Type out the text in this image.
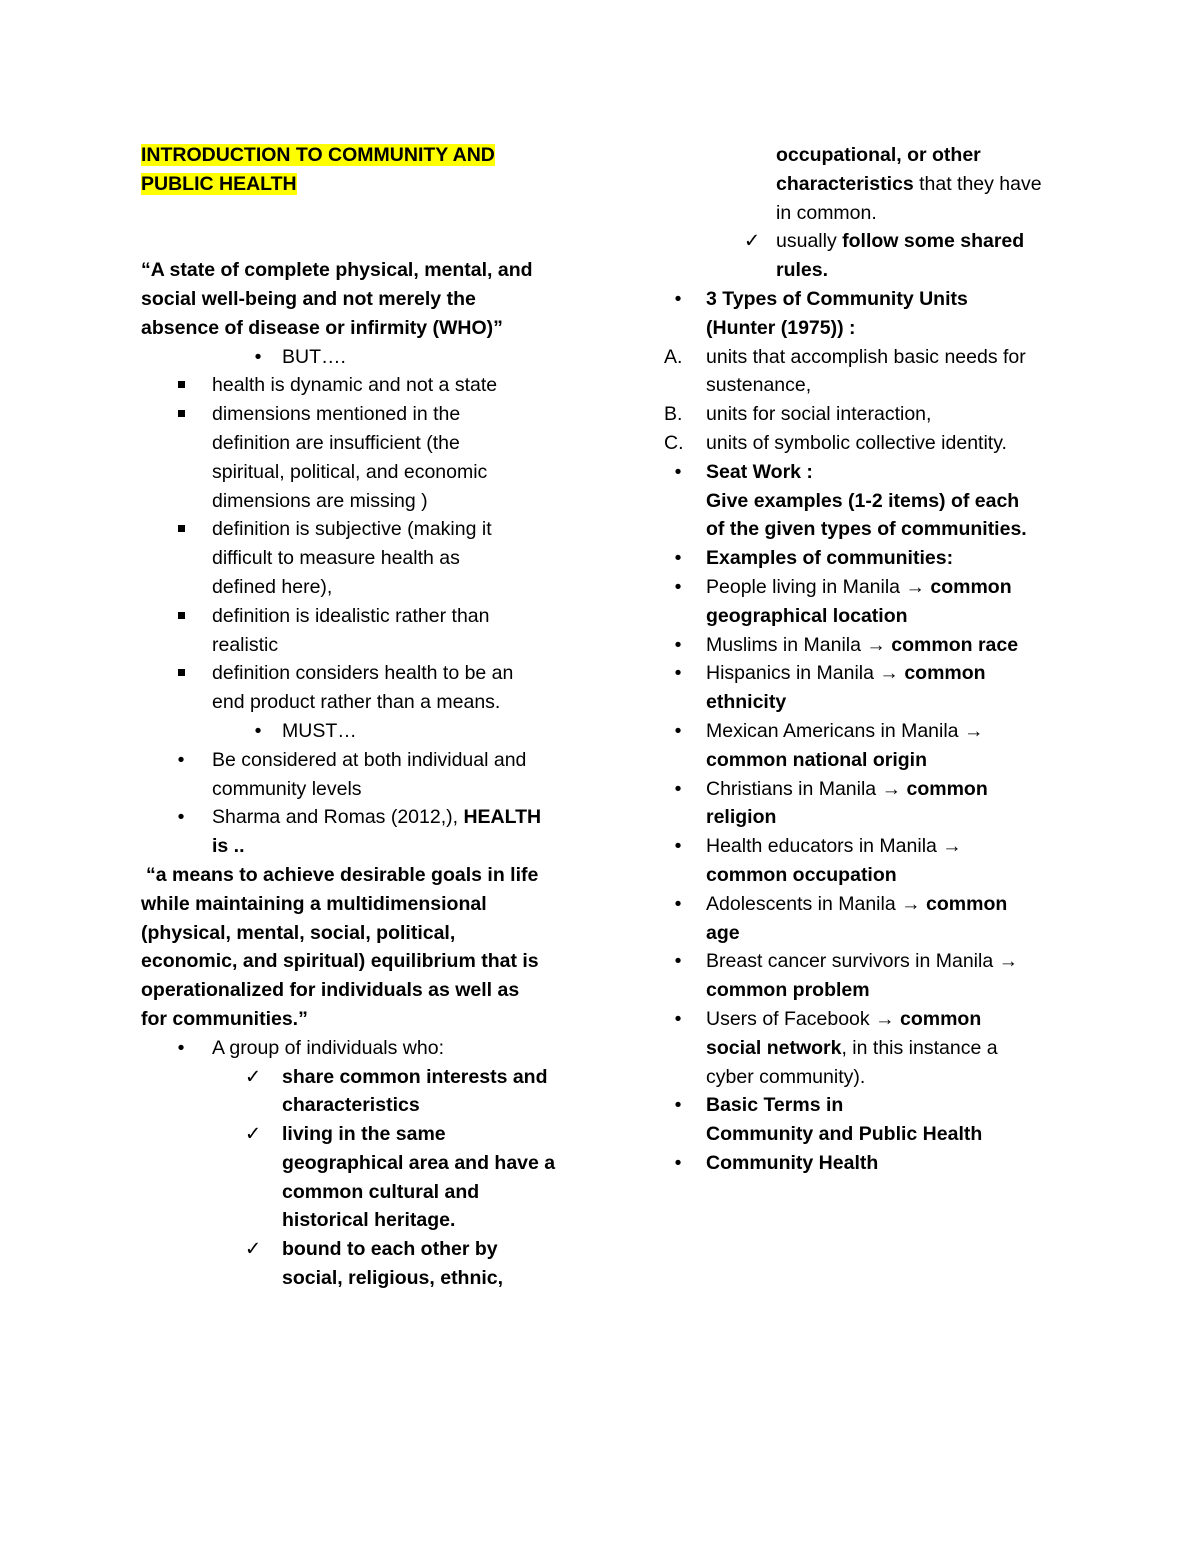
INTRODUCTION TO COMMUNITY AND
PUBLIC HEALTH
“A state of complete physical, mental, and
social well-being and not merely the
absence of disease or infirmity (WHO)”
•	BUT….
health is dynamic and not a state
dimensions mentioned in the
definition are insufficient (the
spiritual, political, and economic
dimensions are missing )
definition is subjective (making it
difficult to measure health as
defined here),
definition is idealistic rather than
realistic
definition considers health to be an
end product rather than a means.
•	MUST…
•	Be considered at both individual and
community levels
•	Sharma and Romas (2012,), HEALTH
is ..
“a means to achieve desirable goals in life
while maintaining a multidimensional
(physical, mental, social, political,
economic, and spiritual) equilibrium that is
operationalized for individuals as well as
for communities.”
•	A group of individuals who:
✓ share common interests and
characteristics
✓ living in the same
geographical area and have a
common cultural and
historical heritage.
✓ bound to each other by
social, religious, ethnic,
occupational, or other
characteristics that they have
in common.
✓ usually follow some shared
rules.
•	3 Types of Community Units
(Hunter (1975)) :
A. units that accomplish basic needs for
sustenance,
B. units for social interaction,
C. units of symbolic collective identity.
•	Seat Work :
Give examples (1-2 items) of each
of the given types of communities.
•	Examples of communities:
•	People living in Manila → common
geographical location
•	Muslims in Manila → common race
•	Hispanics in Manila → common
ethnicity
•	Mexican Americans in Manila →
common national origin
•	Christians in Manila → common
religion
•	Health educators in Manila →
common occupation
•	Adolescents in Manila → common
age
•	Breast cancer survivors in Manila →
common problem
•	Users of Facebook → common
social network, in this instance a
cyber community).
•	Basic Terms in
Community and Public Health
•	Community Health
